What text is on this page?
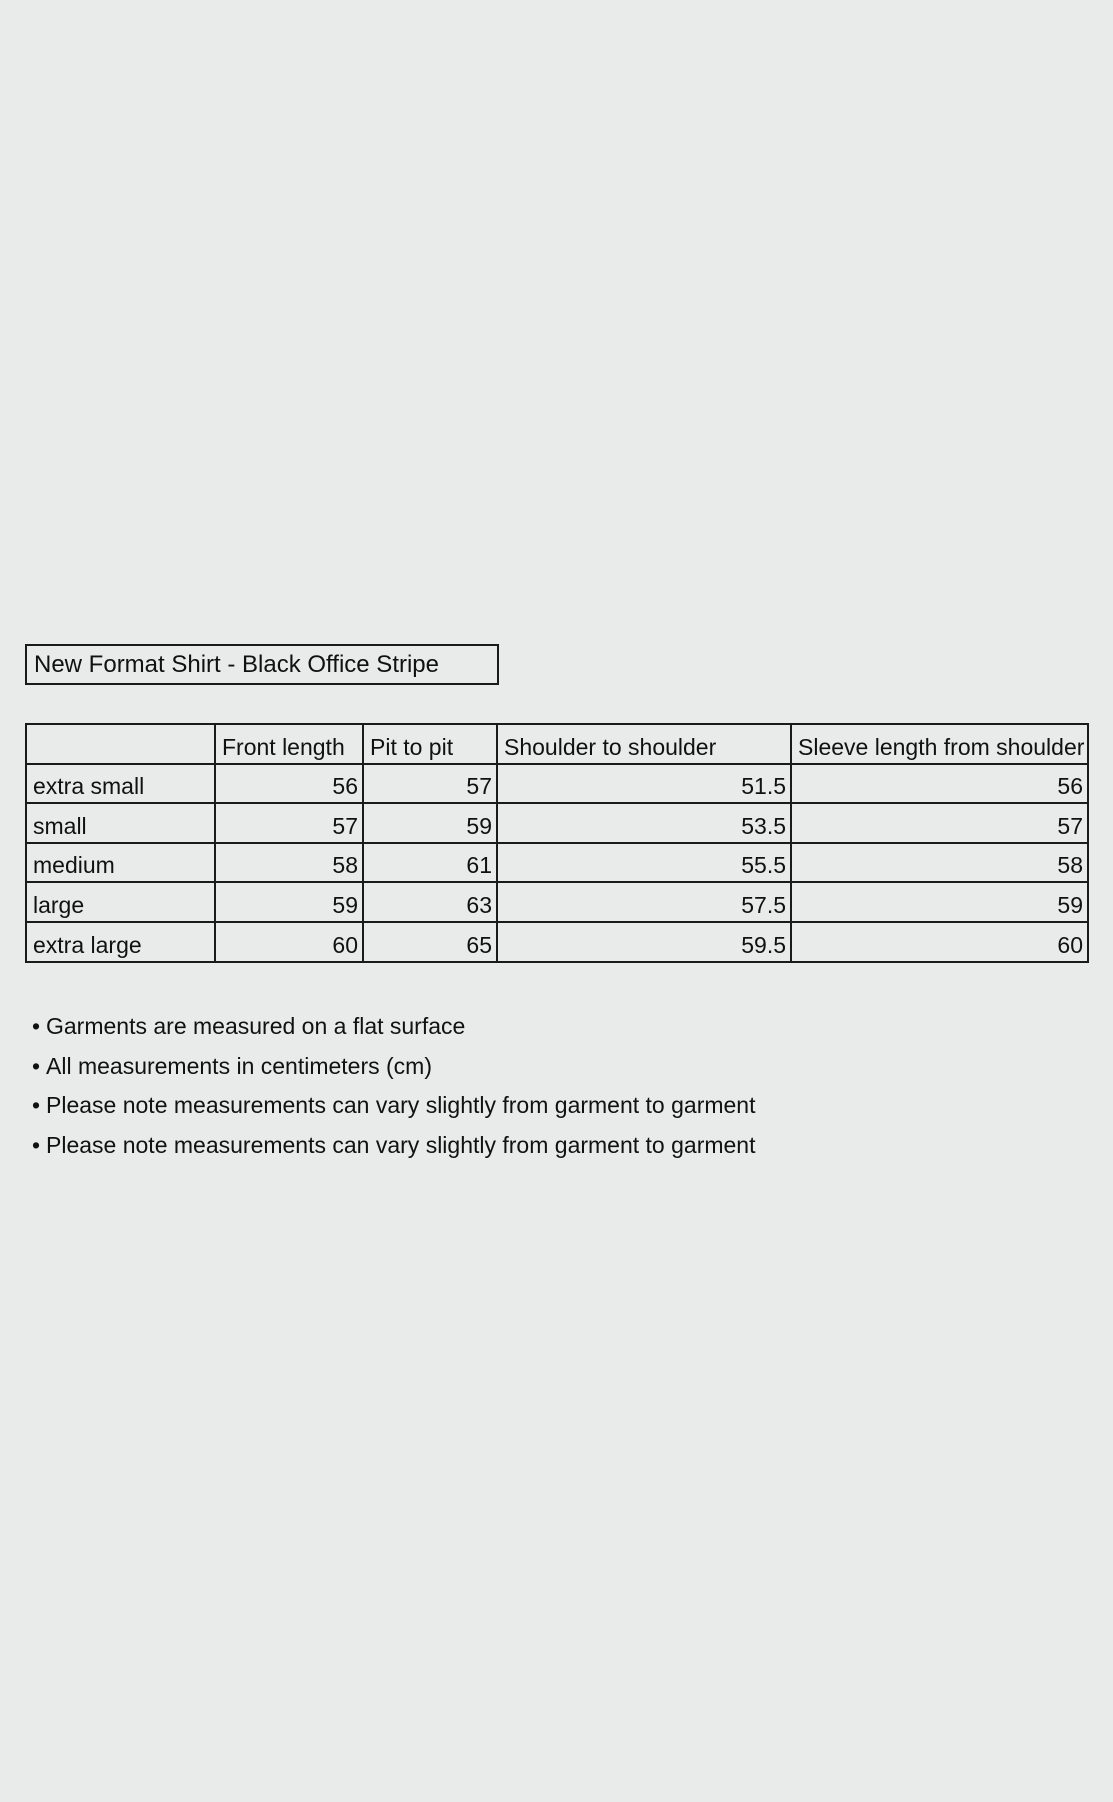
New Format Shirt - Black Office Stripe
	Front length	Pit to pit	Shoulder to shoulder	Sleeve length from shoulder
extra small	56	57	51.5	56
small	57	59	53.5	57
medium	58	61	55.5	58
large	59	63	57.5	59
extra large	60	65	59.5	60
• Garments are measured on a flat surface
• All measurements in centimeters (cm)
• Please note measurements can vary slightly from garment to garment
• Please note measurements can vary slightly from garment to garment
